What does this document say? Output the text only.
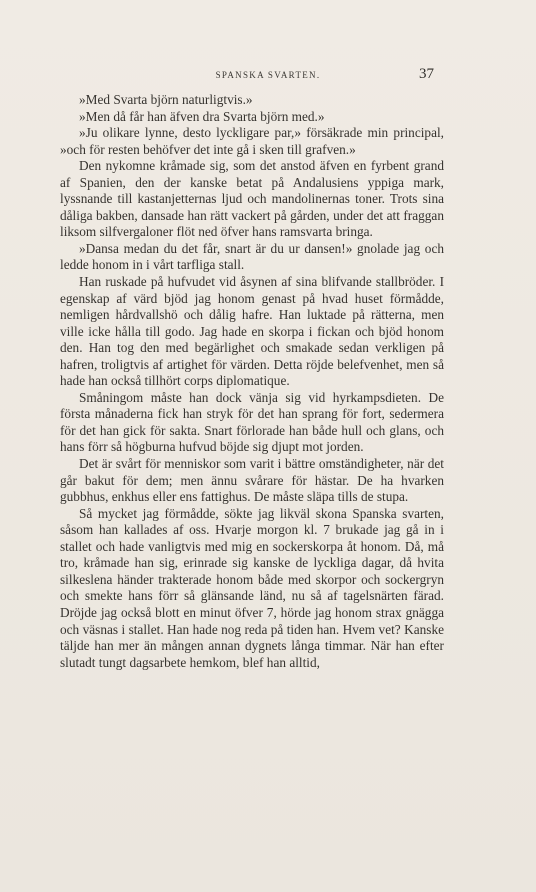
SPANSKA SVARTEN.	37

»Med Svarta björn naturligtvis.»

»Men då får han äfven dra Svarta björn med.»

»Ju olikare lynne, desto lyckligare par,» försäkrade min principal, »och för resten behöfver det inte gå i sken till grafven.»

Den nykomne kråmade sig, som det anstod äfven en fyrbent grand af Spanien, den der kanske betat på Andalusiens yppiga mark, lyssnande till kastanjetternas ljud och mandolinernas toner. Trots sina dåliga bakben, dansade han rätt vackert på gården, under det att fraggan liksom silfvergaloner flöt ned öfver hans ramsvarta bringa.

»Dansa medan du det får, snart är du ur dansen!» gnolade jag och ledde honom in i vårt tarfliga stall.

Han ruskade på hufvudet vid åsynen af sina blifvande stallbröder. I egenskap af värd bjöd jag honom genast på hvad huset förmådde, nemligen hårdvallshö och dålig hafre. Han luktade på rätterna, men ville icke hålla till godo. Jag hade en skorpa i fickan och bjöd honom den. Han tog den med begärlighet och smakade sedan verkligen på hafren, troligtvis af artighet för värden. Detta röjde belefvenhet, men så hade han också tillhört corps diplomatique.

Småningom måste han dock vänja sig vid hyrkampsdieten. De första månaderna fick han stryk för det han sprang för fort, sedermera för det han gick för sakta. Snart förlorade han både hull och glans, och hans förr så högburna hufvud böjde sig djupt mot jorden.

Det är svårt för menniskor som varit i bättre omständigheter, när det går bakut för dem; men ännu svårare för hästar. De ha hvarken gubbhus, enkhus eller ens fattighus. De måste släpa tills de stupa.

Så mycket jag förmådde, sökte jag likväl skona Spanska svarten, såsom han kallades af oss. Hvarje morgon kl. 7 brukade jag gå in i stallet och hade vanligtvis med mig en sockerskorpa åt honom. Då, må tro, kråmade han sig, erinrade sig kanske de lyckliga dagar, då hvita silkeslena händer trakterade honom både med skorpor och sockergryn och smekte hans förr så glänsande länd, nu så af tagelsnärten färad. Dröjde jag också blott en minut öfver 7, hörde jag honom strax gnägga och väsnas i stallet. Han hade nog reda på tiden han. Hvem vet? Kanske täljde han mer än mången annan dygnets långa timmar. När han efter slutadt tungt dagsarbete hemkom, blef han alltid,
